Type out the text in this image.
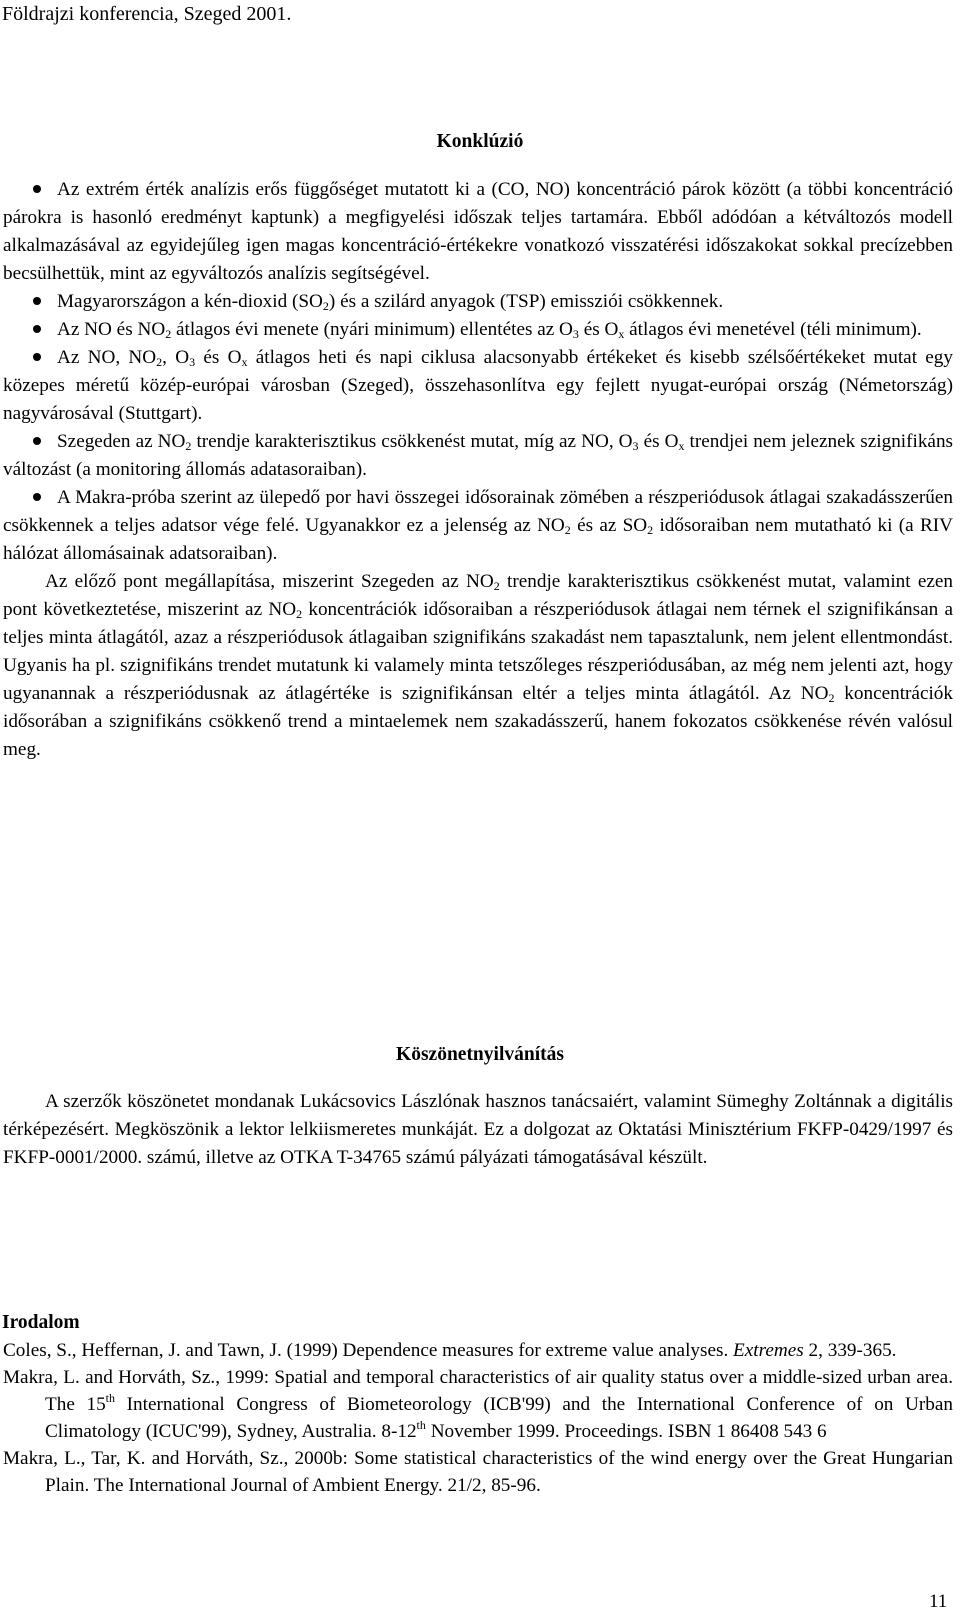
Földrajzi konferencia, Szeged 2001.
Konklúzió

Az extrém érték analízis erős függőséget mutatott ki a (CO, NO) koncentráció párok között (a többi koncentráció párokra is hasonló eredményt kaptunk) a megfigyelési időszak teljes tartamára. Ebből adódóan a kétváltozós modell alkalmazásával az egyidejűleg igen magas koncentráció-értékekre vonatkozó visszatérési időszakokat sokkal precízebben becsülhettük, mint az egyváltozós analízis segítségével.

Magyarországon a kén-dioxid $(SO_2)$ és a szilárd anyagok (TSP) emissziói csökkennek.

Az NO és $NO_2$ átlagos évi menete (nyári minimum) ellentétes az $O_3$ és $O_x$ átlagos évi menetével (téli minimum).

Az NO, $NO_2$, $O_3$ és $O_x$ átlagos heti és napi ciklusa alacsonyabb értékeket és kisebb szélsőértékeket mutat egy közepes méretű közép-európai városban (Szeged), összehasonlítva egy fejlett nyugat-európai ország (Németország) nagyvárosával (Stuttgart).

Szegeden az $NO_2$ trendje karakterisztikus csökkenést mutat, míg az NO, $O_3$ és $O_x$ trendjei nem jeleznek szignifikáns változást (a monitoring állomás adatasoraiban).

A Makra-próba szerint az ülepedő por havi összegei idősorainak zömében a részperiódusok átlagai szakadásszerűen csökkennek a teljes adatsor vége felé. Ugyanakkor ez a jelenség az $NO_2$ és az $SO_2$ idősoraiban nem mutatható ki (a RIV hálózat állomásainak adatsoraiban).

Az előző pont megállapítása, miszerint Szegeden az $NO_2$ trendje karakterisztikus csökkenést mutat, valamint ezen pont következtetése, miszerint az $NO_2$ koncentrációk idősoraiban a részperiódusok átlagai nem térnek el szignifikánsan a teljes minta átlagától, azaz a részperiódusok átlagaiban szignifikáns szakadást nem tapasztalunk, nem jelent ellentmondást. Ugyanis ha pl. szignifikáns trendet mutatunk ki valamely minta tetszőleges részperiódusában, az még nem jelenti azt, hogy ugyanannak a részperiódusnak az átlagértéke is szignifikánsan eltér a teljes minta átlagától. Az $NO_2$ koncentrációk idősorában a szignifikáns csökkenő trend a mintaelemek nem szakadásszerű, hanem fokozatos csökkenése révén valósul meg.

Köszönetnyilvánítás

A szerzők köszönetet mondanak Lukácsovics Lászlónak hasznos tanácsaiért, valamint Sümeghy Zoltánnak a digitális térképezésért. Megköszönik a lektor lelkiismeretes munkáját. Ez a dolgozat az Oktatási Minisztérium FKFP-0429/1997 és FKFP-0001/2000. számú, illetve az OTKA T-34765 számú pályázati támogatásával készült.

Irodalom

Coles, S., Heffernan, J. and Tawn, J. (1999) Dependence measures for extreme value analyses. Extremes 2, 339-365.

Makra, L. and Horváth, Sz., 1999: Spatial and temporal characteristics of air quality status over a middle-sized urban area. The 15th International Congress of Biometeorology (ICB'99) and the International Conference of on Urban Climatology (ICUC'99), Sydney, Australia. 8-12th November 1999. Proceedings. ISBN 1 86408 543 6

Makra, L., Tar, K. and Horváth, Sz., 2000b: Some statistical characteristics of the wind energy over the Great Hungarian Plain. The International Journal of Ambient Energy. 21/2, 85-96.

11
